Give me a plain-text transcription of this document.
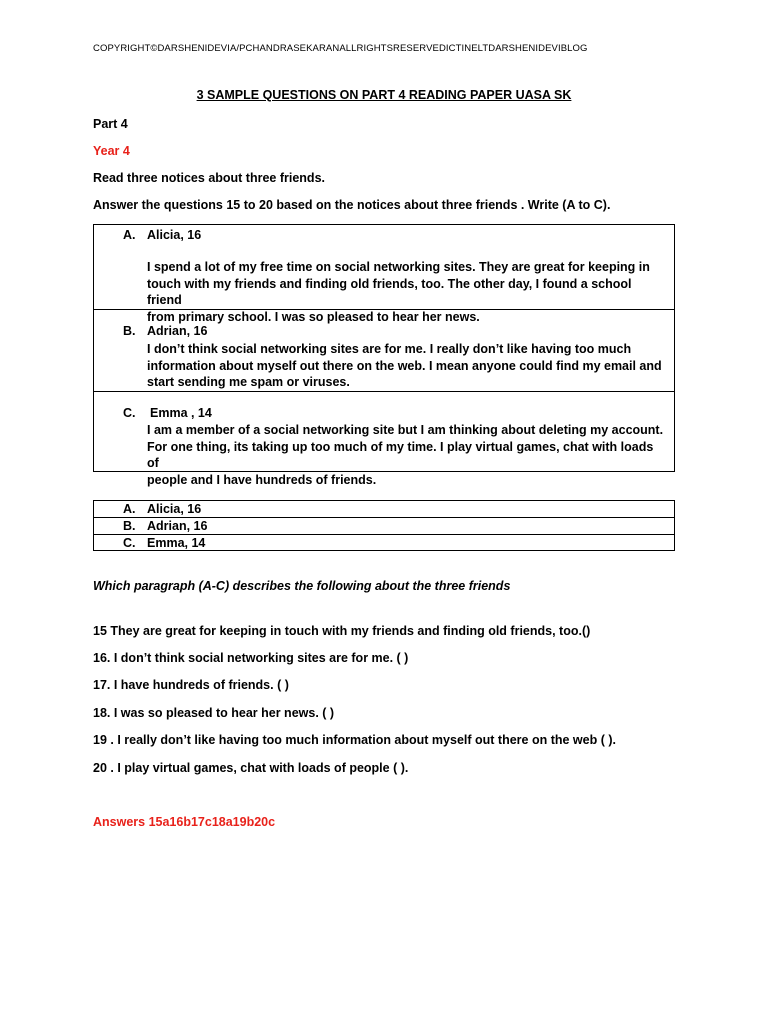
COPYRIGHT©DARSHENIDEVIA/PCHANDRASEKARANALLRIGHTSRESERVEDICTINELTDARSHENIDEVIBLOG
3 SAMPLE QUESTIONS ON PART 4 READING PAPER UASA SK
Part 4
Year 4
Read three notices about three friends.
Answer the questions 15 to 20 based on the notices about three friends . Write (A to C).
A. Alicia, 16
I spend a lot of my free time on social networking sites. They are great for keeping in
touch with my friends and finding old friends, too. The other day, I found a school friend
from primary school. I was so pleased to hear her news.
B. Adrian, 16
I don’t think social networking sites are for me. I really don’t like having too much
information about myself out there on the web. I mean anyone could find my email and
start sending me spam or viruses.
C. Emma , 14
I am a member of a social networking site but I am thinking about deleting my account.
For one thing, its taking up too much of my time. I play virtual games, chat with loads of
people and I have hundreds of friends.
A. Alicia, 16
B. Adrian, 16
C. Emma, 14
Which paragraph (A-C) describes the following about the three friends
15 They are great for keeping in touch with my friends and finding old friends, too.()
16. I don’t think social networking sites are for me. ( )
17. I have hundreds of friends. ( )
18. I was so pleased to hear her news. ( )
19 . I really don’t like having too much information about myself out there on the web ( ).
20 . I play virtual games, chat with loads of people ( ).
Answers 15a16b17c18a19b20c
